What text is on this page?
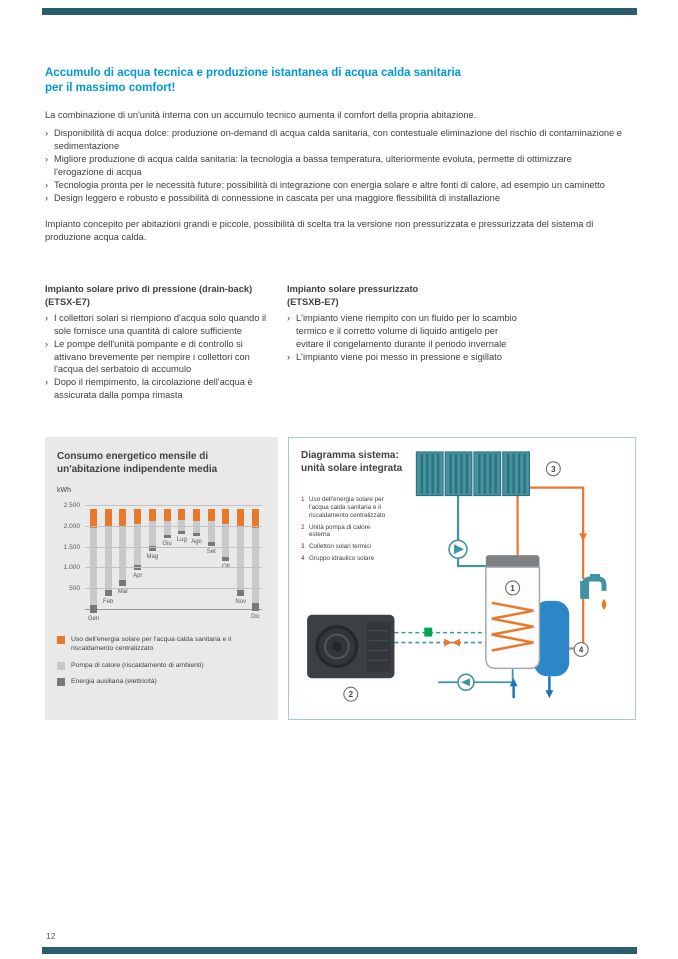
Accumulo di acqua tecnica e produzione istantanea di acqua calda sanitaria
per il massimo comfort!
La combinazione di un'unità interna con un accumulo tecnico aumenta il comfort della propria abitazione.
› Disponibilità di acqua dolce: produzione on-demand di acqua calda sanitaria, con contestuale eliminazione del rischio di contaminazione e sedimentazione
› Migliore produzione di acqua calda sanitaria: la tecnologia a bassa temperatura, ulteriormente evoluta, permette di ottimizzare l'erogazione di acqua
› Tecnologia pronta per le necessità future: possibilità di integrazione con energia solare e altre fonti di calore, ad esempio un caminetto
› Design leggero e robusto e possibilità di connessione in cascata per una maggiore flessibilità di installazione
Impianto concepito per abitazioni grandi e piccole, possibilità di scelta tra la versione non pressurizzata e pressurizzata del sistema di produzione acqua calda.
Impianto solare privo di pressione (drain-back)
(ETSX-E7)
› I collettori solari si riempiono d'acqua solo quando il sole fornisce una quantità di calore sufficiente
› Le pompe dell'unità pompante e di controllo si attivano brevemente per riempire i collettori con l'acqua del serbatoio di accumulo
› Dopo il riempimento, la circolazione dell'acqua è assicurata dalla pompa rimasta
Impianto solare pressurizzato
(ETSXB-E7)
› L'impianto viene riempito con un fluido per lo scambio termico e il corretto volume di liquido antigelo per evitare il congelamento durante il periodo invernale
› L'impianto viene poi messo in pressione e sigillato
Consumo energetico mensile di un'abitazione indipendente media
kWh
Gen
Feb
Mar
Apr
Mag
Giu
Lug Ago
Set
Nov
Dic
500
1.000
1.500
2.000
2.500
Uso dell'energia solare per l'acqua calda sanitaria e il riscaldamento centralizzato
Pompa di calore (riscaldamento di ambienti)
Energia ausiliaria (elettricità)
Diagramma sistema:
unità solare integrata
1 Uso dell'energia solare per l'acqua calda sanitaria e il riscaldamento centralizzato
2 Unità pompa di calore esterna
3 Collettori solari termici
4 Gruppo idraulico solare
1
2
3
4
12
